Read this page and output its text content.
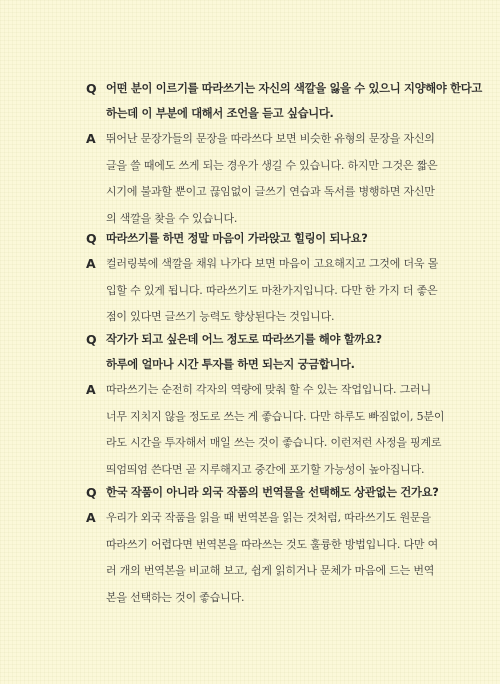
Q 어떤 분이 이르기를 따라쓰기는 자신의 색깔을 잃을 수 있으니 지양해야 한다고
하는데 이 부분에 대해서 조언을 듣고 싶습니다.
A 뛰어난 문장가들의 문장을 따라쓰다 보면 비슷한 유형의 문장을 자신의
글을 쓸 때에도 쓰게 되는 경우가 생길 수 있습니다. 하지만 그것은 짧은
시기에 불과할 뿐이고 끊임없이 글쓰기 연습과 독서를 병행하면 자신만
의 색깔을 찾을 수 있습니다.
Q 따라쓰기를 하면 정말 마음이 가라앉고 힐링이 되나요?
A 컬러링북에 색깔을 채워 나가다 보면 마음이 고요해지고 그것에 더욱 몰
입할 수 있게 됩니다. 따라쓰기도 마찬가지입니다. 다만 한 가지 더 좋은
점이 있다면 글쓰기 능력도 향상된다는 것입니다.
Q 작가가 되고 싶은데 어느 정도로 따라쓰기를 해야 할까요?
하루에 얼마나 시간 투자를 하면 되는지 궁금합니다.
A 따라쓰기는 순전히 각자의 역량에 맞춰 할 수 있는 작업입니다. 그러니
너무 지치지 않을 정도로 쓰는 게 좋습니다. 다만 하루도 빠짐없이, 5분이
라도 시간을 투자해서 매일 쓰는 것이 좋습니다. 이런저런 사정을 핑계로
띄엄띄엄 쓴다면 곧 지루해지고 중간에 포기할 가능성이 높아집니다.
Q 한국 작품이 아니라 외국 작품의 번역물을 선택해도 상관없는 건가요?
A 우리가 외국 작품을 읽을 때 번역본을 읽는 것처럼, 따라쓰기도 원문을
따라쓰기 어렵다면 번역본을 따라쓰는 것도 훌륭한 방법입니다. 다만 여
러 개의 번역본을 비교해 보고, 쉽게 읽히거나 문체가 마음에 드는 번역
본을 선택하는 것이 좋습니다.
